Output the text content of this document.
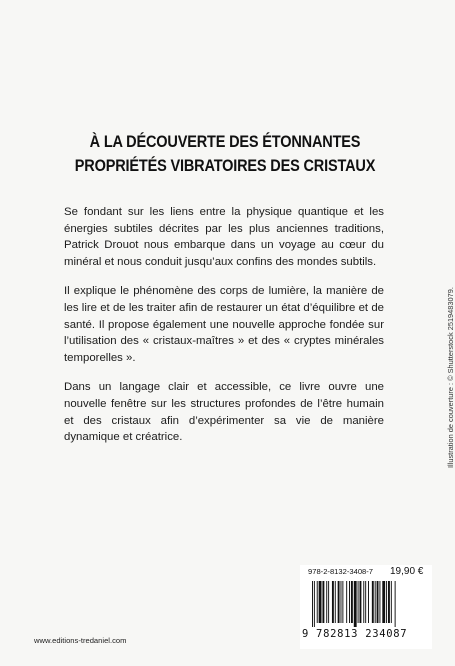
À LA DÉCOUVERTE DES ÉTONNANTES
PROPRIÉTÉS VIBRATOIRES DES CRISTAUX

Se fondant sur les liens entre la physique quantique et les énergies subtiles décrites par les plus anciennes traditions, Patrick Drouot nous embarque dans un voyage au cœur du minéral et nous conduit jusqu’aux confins des mondes subtils.

Il explique le phénomène des corps de lumière, la manière de les lire et de les traiter afin de restaurer un état d’équilibre et de santé. Il propose également une nouvelle approche fondée sur l’utilisation des « cristaux-maîtres » et des « cryptes minérales temporelles ».

Dans un langage clair et accessible, ce livre ouvre une nouvelle fenêtre sur les structures profondes de l’être humain et des cristaux afin d’expérimenter sa vie de manière dynamique et créatrice.	Illustration de couverture : © Shutterstock 2519483079.
978-2-8132-3408-7 19,90 €
9 782813 234087
www.editions-tredaniel.com
